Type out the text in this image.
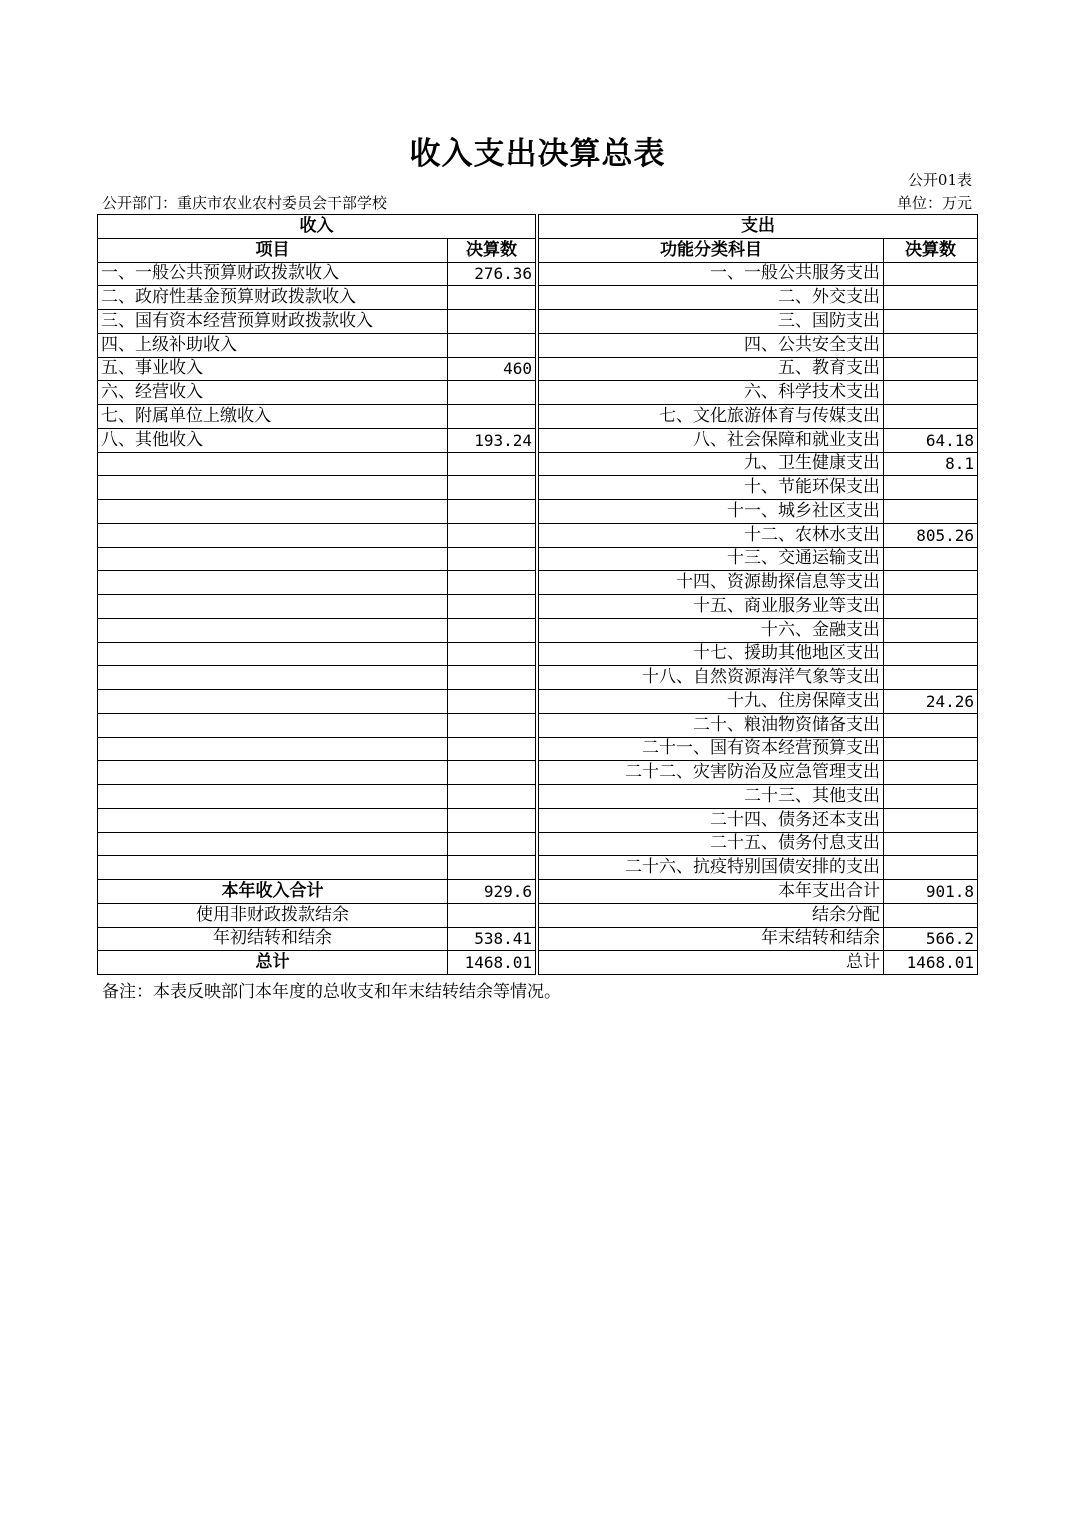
收入支出决算总表
公开01表
公开部门：重庆市农业农村委员会干部学校	单位：万元
收入			支出	
项目	决算数		功能分类科目	决算数
一、一般公共预算财政拨款收入	276.36		一、一般公共服务支出	
二、政府性基金预算财政拨款收入			二、外交支出	
三、国有资本经营预算财政拨款收入			三、国防支出	
四、上级补助收入			四、公共安全支出	
五、事业收入	460		五、教育支出	
六、经营收入			六、科学技术支出	
七、附属单位上缴收入			七、文化旅游体育与传媒支出	
八、其他收入	193.24		八、社会保障和就业支出	64.18
			九、卫生健康支出	8.1
			十、节能环保支出	
			十一、城乡社区支出	
			十二、农林水支出	805.26
			十三、交通运输支出	
			十四、资源勘探信息等支出	
			十五、商业服务业等支出	
			十六、金融支出	
			十七、援助其他地区支出	
			十八、自然资源海洋气象等支出	
			十九、住房保障支出	24.26
			二十、粮油物资储备支出	
			二十一、国有资本经营预算支出	
			二十二、灾害防治及应急管理支出	
			二十三、其他支出	
			二十四、债务还本支出	
			二十五、债务付息支出	
			二十六、抗疫特别国债安排的支出	
本年收入合计	929.6		本年支出合计	901.8
使用非财政拨款结余			结余分配	
年初结转和结余	538.41		年末结转和结余	566.2
总计	1468.01		总计	1468.01
备注：本表反映部门本年度的总收支和年末结转结余等情况。
